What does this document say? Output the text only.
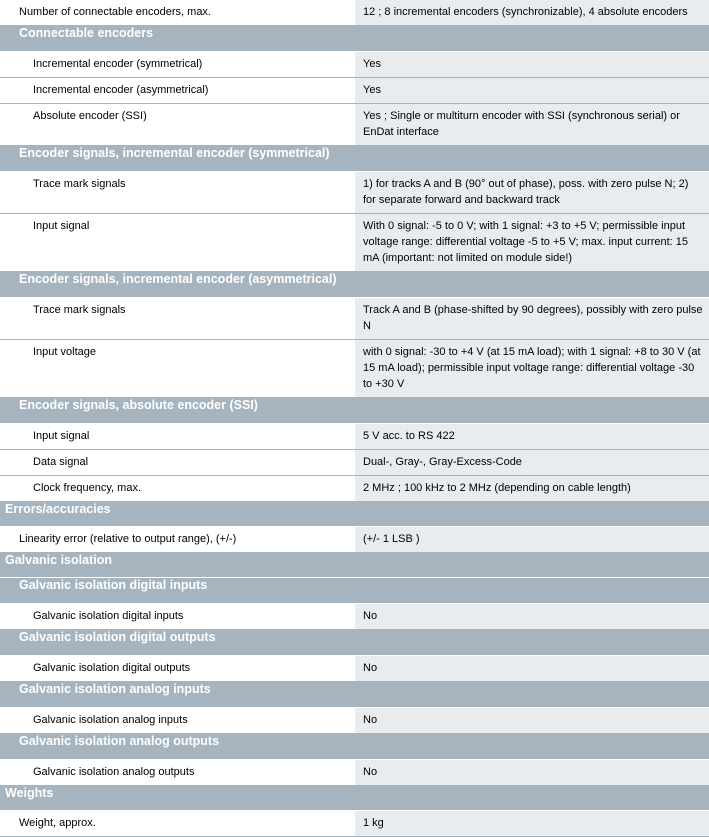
Number of connectable encoders, max.	12 ; 8 incremental encoders (synchronizable), 4 absolute encoders
Connectable encoders	
Incremental encoder (symmetrical)	Yes
Incremental encoder (asymmetrical)	Yes
Absolute encoder (SSI)	Yes ; Single or multiturn encoder with SSI (synchronous serial) or EnDat interface
Encoder signals, incremental encoder (symmetrical)	
Trace mark signals	1) for tracks A and B (90° out of phase), poss. with zero pulse N; 2) for separate forward and backward track
Input signal	With 0 signal: -5 to 0 V; with 1 signal: +3 to +5 V; permissible input voltage range: differential voltage -5 to +5 V; max. input current: 15 mA (important: not limited on module side!)
Encoder signals, incremental encoder (asymmetrical)	
Trace mark signals	Track A and B (phase-shifted by 90 degrees), possibly with zero pulse N
Input voltage	with 0 signal: -30 to +4 V (at 15 mA load); with 1 signal: +8 to 30 V (at 15 mA load); permissible input voltage range: differential voltage -30 to +30 V
Encoder signals, absolute encoder (SSI)	
Input signal	5 V acc. to RS 422
Data signal	Dual-, Gray-, Gray-Excess-Code
Clock frequency, max.	2 MHz ; 100 kHz to 2 MHz (depending on cable length)
Errors/accuracies	
Linearity error (relative to output range), (+/-)	(+/- 1 LSB )
Galvanic isolation	
Galvanic isolation digital inputs	
Galvanic isolation digital inputs	No
Galvanic isolation digital outputs	
Galvanic isolation digital outputs	No
Galvanic isolation analog inputs	
Galvanic isolation analog inputs	No
Galvanic isolation analog outputs	
Galvanic isolation analog outputs	No
Weights	
Weight, approx.	1 kg
